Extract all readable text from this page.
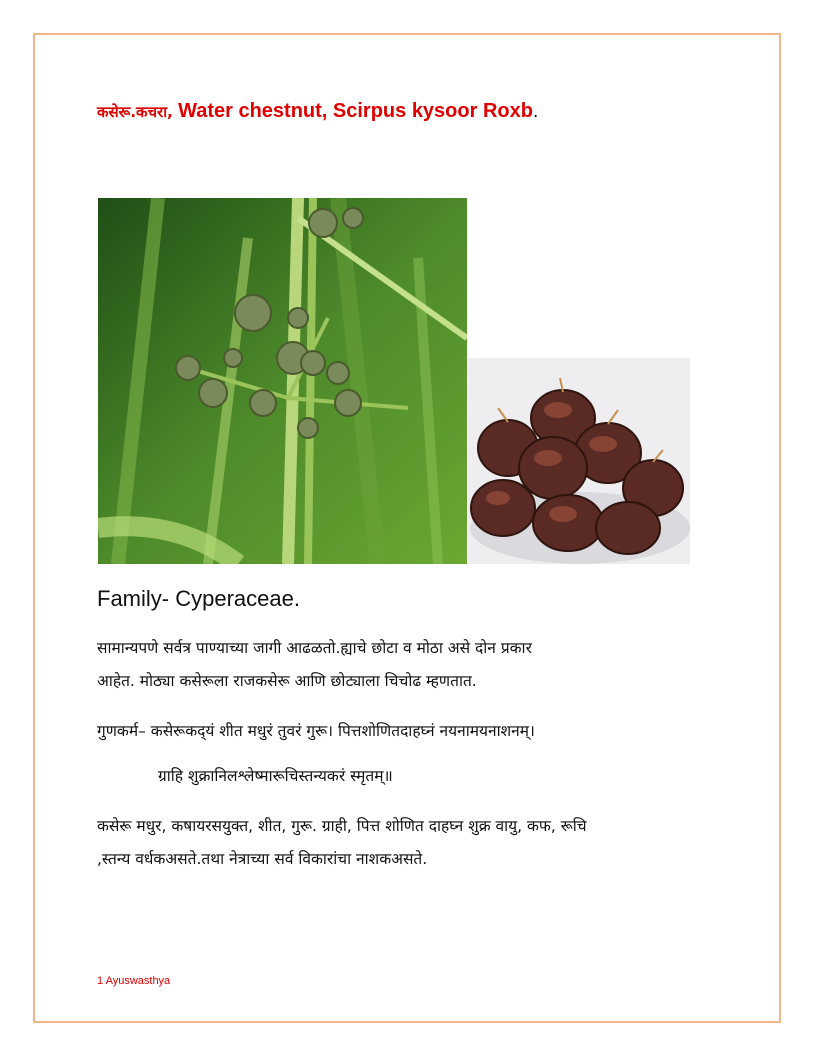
कसेरू.कचरा, Water chestnut, Scirpus kysoor Roxb.
Family- Cyperaceae.
सामान्यपणे सर्वत्र पाण्याच्या जागी आढळतो.ह्याचे छोटा व मोठा असे दोन प्रकार
आहेत. मोठ्या कसेरूला राजकसेरू आणि छोट्याला चिचोढ म्हणतात.
गुणकर्म– कसेरूकद्‍यं शीत मधुरं तुवरं गुरू। पित्तशोणितदाहघ्नं नयनामयनाशनम्।
ग्राहि शुक्रानिलश्लेष्मारूचिस्तन्यकरं स्मृतम्॥
कसेरू मधुर, कषायरसयुक्त, शीत, गुरू. ग्राही, पित्त शोणित दाहघ्न शुक्र वायु, कफ, रूचि
,स्तन्य वर्धकअसते.तथा नेत्राच्या सर्व विकारांचा नाशकअसते.
1 Ayuswasthya
